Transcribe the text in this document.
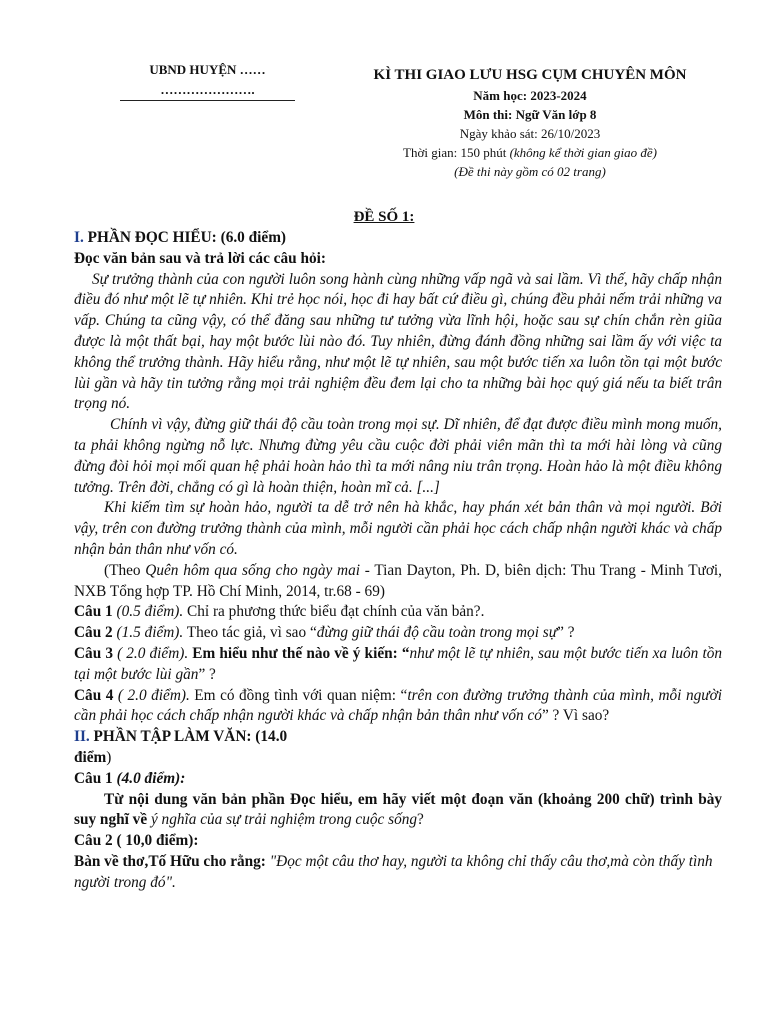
UBND HUYỆN ……
………………….
KÌ THI GIAO LƯU HSG CỤM CHUYÊN MÔN
Năm học: 2023-2024
Môn thi: Ngữ Văn lớp 8
Ngày khảo sát: 26/10/2023
Thời gian: 150 phút (không kể thời gian giao đề)
(Đề thi này gồm có 02 trang)
ĐỀ SỐ 1:

I. PHẦN ĐỌC HIỂU: (6.0 điểm)

Đọc văn bản sau và trả lời các câu hỏi:

Sự trưởng thành của con người luôn song hành cùng những vấp ngã và sai lầm. Vì thế, hãy chấp nhận điều đó như một lẽ tự nhiên. Khi trẻ học nói, học đi hay bất cứ điều gì, chúng đều phải nếm trải những va vấp. Chúng ta cũng vậy, có thể đăng sau những tư tưởng vừa lĩnh hội, hoặc sau sự chín chắn rèn giũa được là một thất bại, hay một bước lùi nào đó. Tuy nhiên, đừng đánh đồng những sai lầm ấy với việc ta không thể trưởng thành. Hãy hiểu rằng, như một lẽ tự nhiên, sau một bước tiến xa luôn tồn tại một bước lùi gần và hãy tin tưởng rằng mọi trải nghiệm đều đem lại cho ta những bài học quý giá nếu ta biết trân trọng nó.

Chính vì vậy, đừng giữ thái độ cầu toàn trong mọi sự. Dĩ nhiên, để đạt được điều mình mong muốn, ta phải không ngừng nỗ lực. Nhưng đừng yêu cầu cuộc đời phải viên mãn thì ta mới hài lòng và cũng đừng đòi hỏi mọi mối quan hệ phải hoàn hảo thì ta mới nâng niu trân trọng. Hoàn hảo là một điều không tưởng. Trên đời, chẳng có gì là hoàn thiện, hoàn mĩ cả. [...]

Khi kiếm tìm sự hoàn hảo, người ta dễ trở nên hà khắc, hay phán xét bản thân và mọi người. Bởi vậy, trên con đường trưởng thành của mình, mỗi người cần phải học cách chấp nhận người khác và chấp nhận bản thân như vốn có.

(Theo Quên hôm qua sống cho ngày mai - Tian Dayton, Ph. D, biên dịch: Thu Trang - Minh Tươi, NXB Tổng hợp TP. Hồ Chí Minh, 2014, tr.68 - 69)

Câu 1 (0.5 điểm). Chỉ ra phương thức biểu đạt chính của văn bản?.

Câu 2 (1.5 điểm). Theo tác giả, vì sao “đừng giữ thái độ cầu toàn trong mọi sự” ?

Câu 3 ( 2.0 điểm). Em hiểu như thế nào về ý kiến: “như một lẽ tự nhiên, sau một bước tiến xa luôn tồn tại một bước lùi gần” ?

Câu 4 ( 2.0 điểm). Em có đồng tình với quan niệm: “trên con đường trưởng thành của mình, mỗi người cần phải học cách chấp nhận người khác và chấp nhận bản thân như vốn có” ? Vì sao?

II. PHẦN TẬP LÀM VĂN: (14.0
điểm)

Câu 1 (4.0 điểm):

Từ nội dung văn bản phần Đọc hiểu, em hãy viết một đoạn văn (khoảng 200 chữ) trình bày suy nghĩ về ý nghĩa của sự trải nghiệm trong cuộc sống?

Câu 2 ( 10,0 điểm):

Bàn về thơ,Tố Hữu cho rằng: "Đọc một câu thơ hay, người ta không chỉ thấy câu thơ,mà còn thấy tình người trong đó".
